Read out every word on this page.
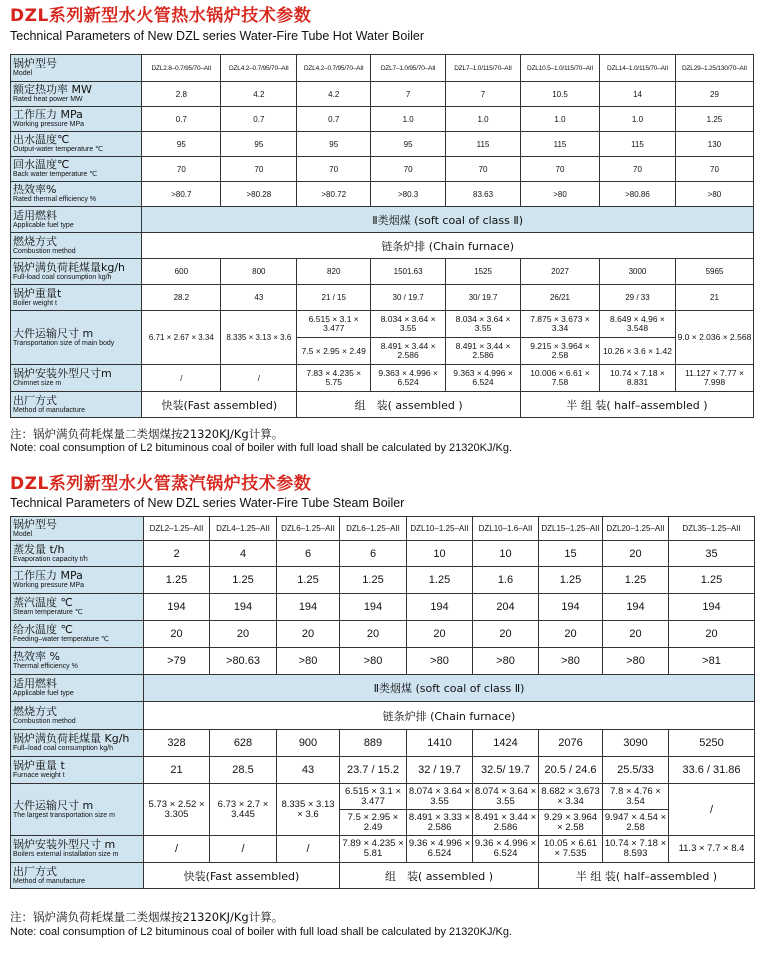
DZL系列新型水火管热水锅炉技术参数
Technical Parameters of New DZL series Water-Fire Tube Hot Water Boiler
锅炉型号
Model	DZL2.8–0.7/95/70–AII	DZL4.2–0.7/95/70–AII	DZL4.2–0.7/95/70–AII	DZL7–1.0/95/70–AII	DZL7–1.0/115/70–AII	DZL10.5–1.0/115/70–AII	DZL14–1.0/115/70–AII	DZL29–1.25/130/70–AII

额定热功率 MW
Rated heat power MW	2.8	4.2	4.2	7	7	10.5	14	29

工作压力 MPa
Working pressure MPa	0.7	0.7	0.7	1.0	1.0	1.0	1.0	1.25

出水温度℃
Output-water temperature ℃	95	95	95	95	115	115	115	130

回水温度℃
Back water temperature ℃	70	70	70	70	70	70	70	70

热效率%
Rated thermal efficiency %	>80.7	>80.28	>80.72	>80.3	83.63	>80	>80.86	>80

适用燃料
Applicable fuel type	Ⅱ类烟煤 (soft coal of class Ⅱ)							

燃烧方式
Combustion method	链条炉排 (Chain furnace)							

锅炉满负荷耗煤量kg/h
Full-load coal consumption kg/h	600	800	820	1501.63	1525	2027	3000	5965

锅炉重量t
Boiler weight t	28.2	43	21 / 15	30 / 19.7	30/ 19.7	26/21	29 / 33	21

大件运输尺寸 m
Transportation size of main body	6.71 × 2.67 × 3.34	8.335 × 3.13 × 3.6	6.515 × 3.1 × 3.477	8.034 × 3.64 × 3.55	8.034 × 3.64 × 3.55	7.875 × 3.673 × 3.34	8.649 × 4.96 × 3.548	9.0 × 2.036 × 2.568
			7.5 × 2.95 × 2.49	8.491 × 3.44 × 2.586	8.491 × 3.44 × 2.586	9.215 × 3.964 × 2.58	10.26 × 3.6 × 1.42	

锅炉安装外型尺寸m
Chimnet size m	/	/	7.83 × 4.235 × 5.75	9.363 × 4.996 × 6.524	9.363 × 4.996 × 6.524	10.006 × 6.61 × 7.58	10.74 × 7.18 × 8.831	11.127 × 7.77 × 7.998

出厂方式
Method of manufacture	快装(Fast assembled)		组　装( assembled )			半 组 装( half–assembled )		
注：锅炉满负荷耗煤量二类烟煤按21320KJ/Kg计算。
Note: coal consumption of L2 bituminous coal of boiler with full load shall be calculated by 21320KJ/Kg.
DZL系列新型水火管蒸汽锅炉技术参数
Technical Parameters of New DZL series Water-Fire Tube Steam Boiler
锅炉型号
Model	DZL2–1.25–AII	DZL4–1.25–AII	DZL6–1.25–AII	DZL6–1.25–AII	DZL10–1.25–AII	DZL10–1.6–AII	DZL15–1.25–AII	DZL20–1.25–AII	DZL35–1.25–AII

蒸发量 t/h
Evaporation capacity t/h	2	4	6	6	10	10	15	20	35

工作压力 MPa
Working pressure MPa	1.25	1.25	1.25	1.25	1.25	1.6	1.25	1.25	1.25

蒸汽温度 ℃
Steam temperature ℃	194	194	194	194	194	204	194	194	194

给水温度 ℃
Feeding–water temperature ℃	20	20	20	20	20	20	20	20	20

热效率 %
Thermal efficiency %	>79	>80.63	>80	>80	>80	>80	>80	>80	>81

适用燃料
Applicable fuel type	Ⅱ类烟煤 (soft coal of class Ⅱ)								

燃烧方式
Combustion method	链条炉排 (Chain furnace)								

锅炉满负荷耗煤量 Kg/h
Full–load coal consumption kg/h	328	628	900	889	1410	1424	2076	3090	5250

锅炉重量 t
Furnace weight t	21	28.5	43	23.7 / 15.2	32 / 19.7	32.5/ 19.7	20.5 / 24.6	25.5/33	33.6 / 31.86

大件运输尺寸 m
The largest transportation size m	5.73 × 2.52 × 3.305	6.73 × 2.7 × 3.445	8.335 × 3.13 × 3.6	6.515 × 3.1 × 3.477	8.074 × 3.64 × 3.55	8.074 × 3.64 × 3.55	8.682 × 3.673 × 3.34	7.8 × 4.76 × 3.54	/
				7.5 × 2.95 × 2.49	8.491 × 3.33 × 2.586	8.491 × 3.44 × 2.586	9.29 × 3.964 × 2.58	9.947 × 4.54 × 2.58	

锅炉安装外型尺寸 m
Boilers external installation size m	/	/	/	7.89 × 4.235 × 5.81	9.36 × 4.996 × 6.524	9.36 × 4.996 × 6.524	10.05 × 6.61 × 7.535	10.74 × 7.18 × 8.593	11.3 × 7.7 × 8.4

出厂方式
Method of manufacture	快装(Fast assembled)			组　装( assembled )			半 组 装( half–assembled )		
注：锅炉满负荷耗煤量二类烟煤按21320KJ/Kg计算。
Note: coal consumption of L2 bituminous coal of boiler with full load shall be calculated by 21320KJ/Kg.
